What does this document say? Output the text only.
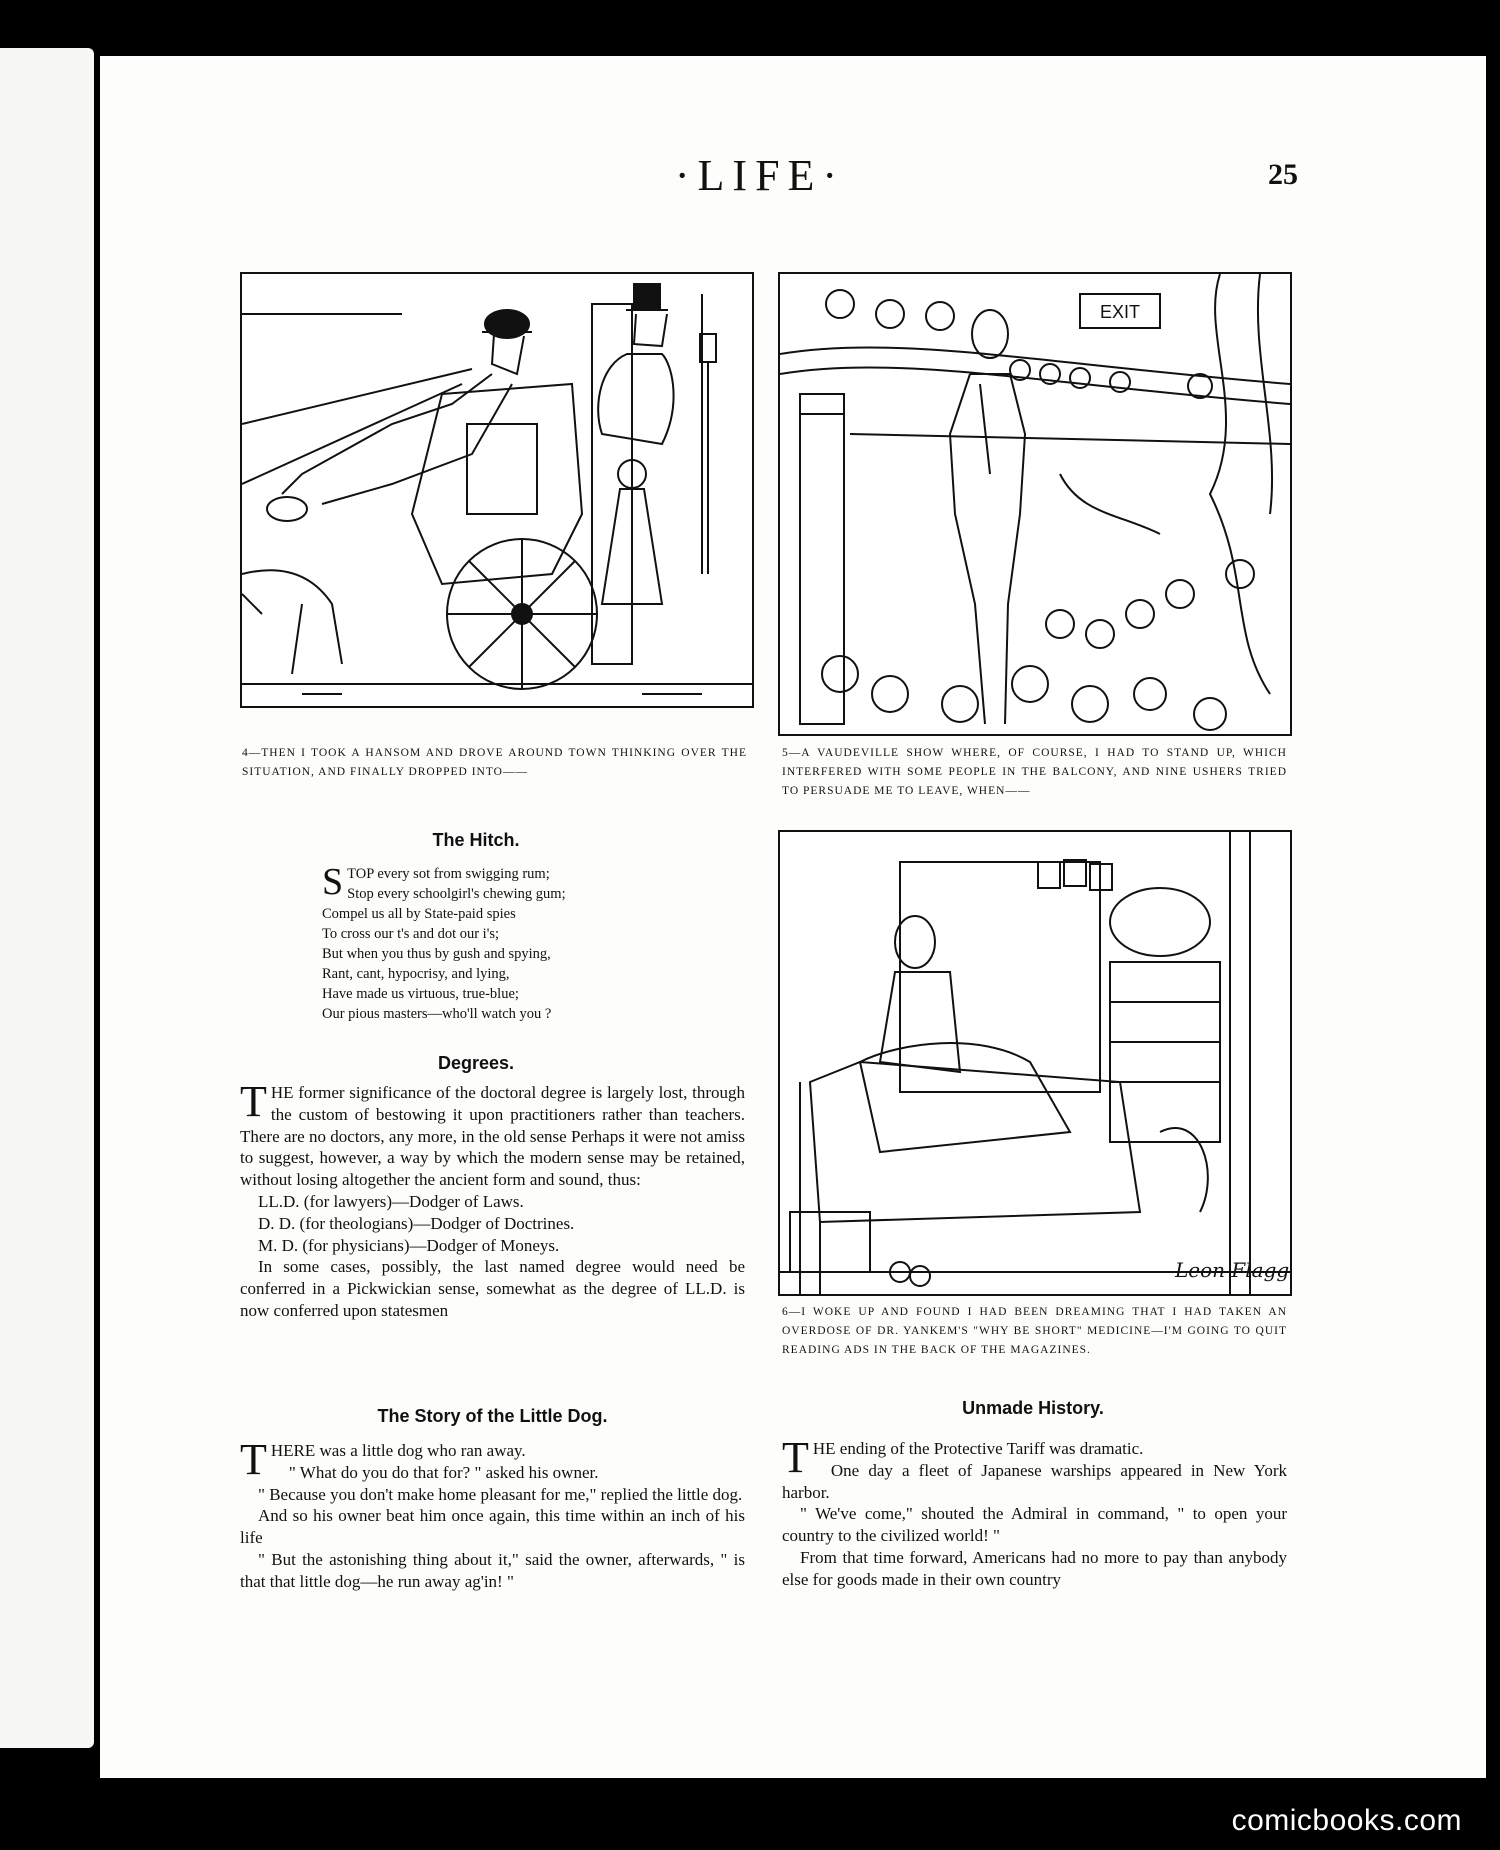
·LIFE·	25
4—THEN I TOOK A HANSOM AND DROVE AROUND TOWN THINKING OVER THE SITUATION, AND FINALLY DROPPED INTO——
EXIT
5—A VAUDEVILLE SHOW WHERE, OF COURSE, I HAD TO STAND UP, WHICH INTERFERED WITH SOME PEOPLE IN THE BALCONY, AND NINE USHERS TRIED TO PERSUADE ME TO LEAVE, WHEN——
Leon Flagg
6—I WOKE UP AND FOUND I HAD BEEN DREAMING THAT I HAD TAKEN AN OVERDOSE OF DR. YANKEM'S "WHY BE SHORT" MEDICINE—I'M GOING TO QUIT READING ADS IN THE BACK OF THE MAGAZINES.
The Hitch.
S TOP every sot from swigging rum;
Stop every schoolgirl's chewing gum;
Compel us all by State-paid spies
To cross our t's and dot our i's;
But when you thus by gush and spying,
Rant, cant, hypocrisy, and lying,
Have made us virtuous, true-blue;
Our pious masters—who'll watch you ?
Degrees.

THE former significance of the doctoral degree is largely lost, through the custom of bestowing it upon practitioners rather than teachers. There are no doctors, any more, in the old sense Perhaps it were not amiss to suggest, however, a way by which the modern sense may be retained, without losing altogether the ancient form and sound, thus:

LL.D. (for lawyers)—Dodger of Laws.

D. D. (for theologians)—Dodger of Doctrines.

M. D. (for physicians)—Dodger of Moneys.

In some cases, possibly, the last named degree would need be conferred in a Pickwickian sense, somewhat as the degree of LL.D. is now conferred upon statesmen

The Story of the Little Dog.

THERE was a little dog who ran away.

" What do you do that for? " asked his owner.

" Because you don't make home pleasant for me," replied the little dog.

And so his owner beat him once again, this time within an inch of his life

" But the astonishing thing about it," said the owner, afterwards, " is that that little dog—he run away ag'in! "

Unmade History.

THE ending of the Protective Tariff was dramatic.

One day a fleet of Japanese warships appeared in New York harbor.

" We've come," shouted the Admiral in command, " to open your country to the civilized world! "

From that time forward, Americans had no more to pay than anybody else for goods made in their own country

comicbooks.com
